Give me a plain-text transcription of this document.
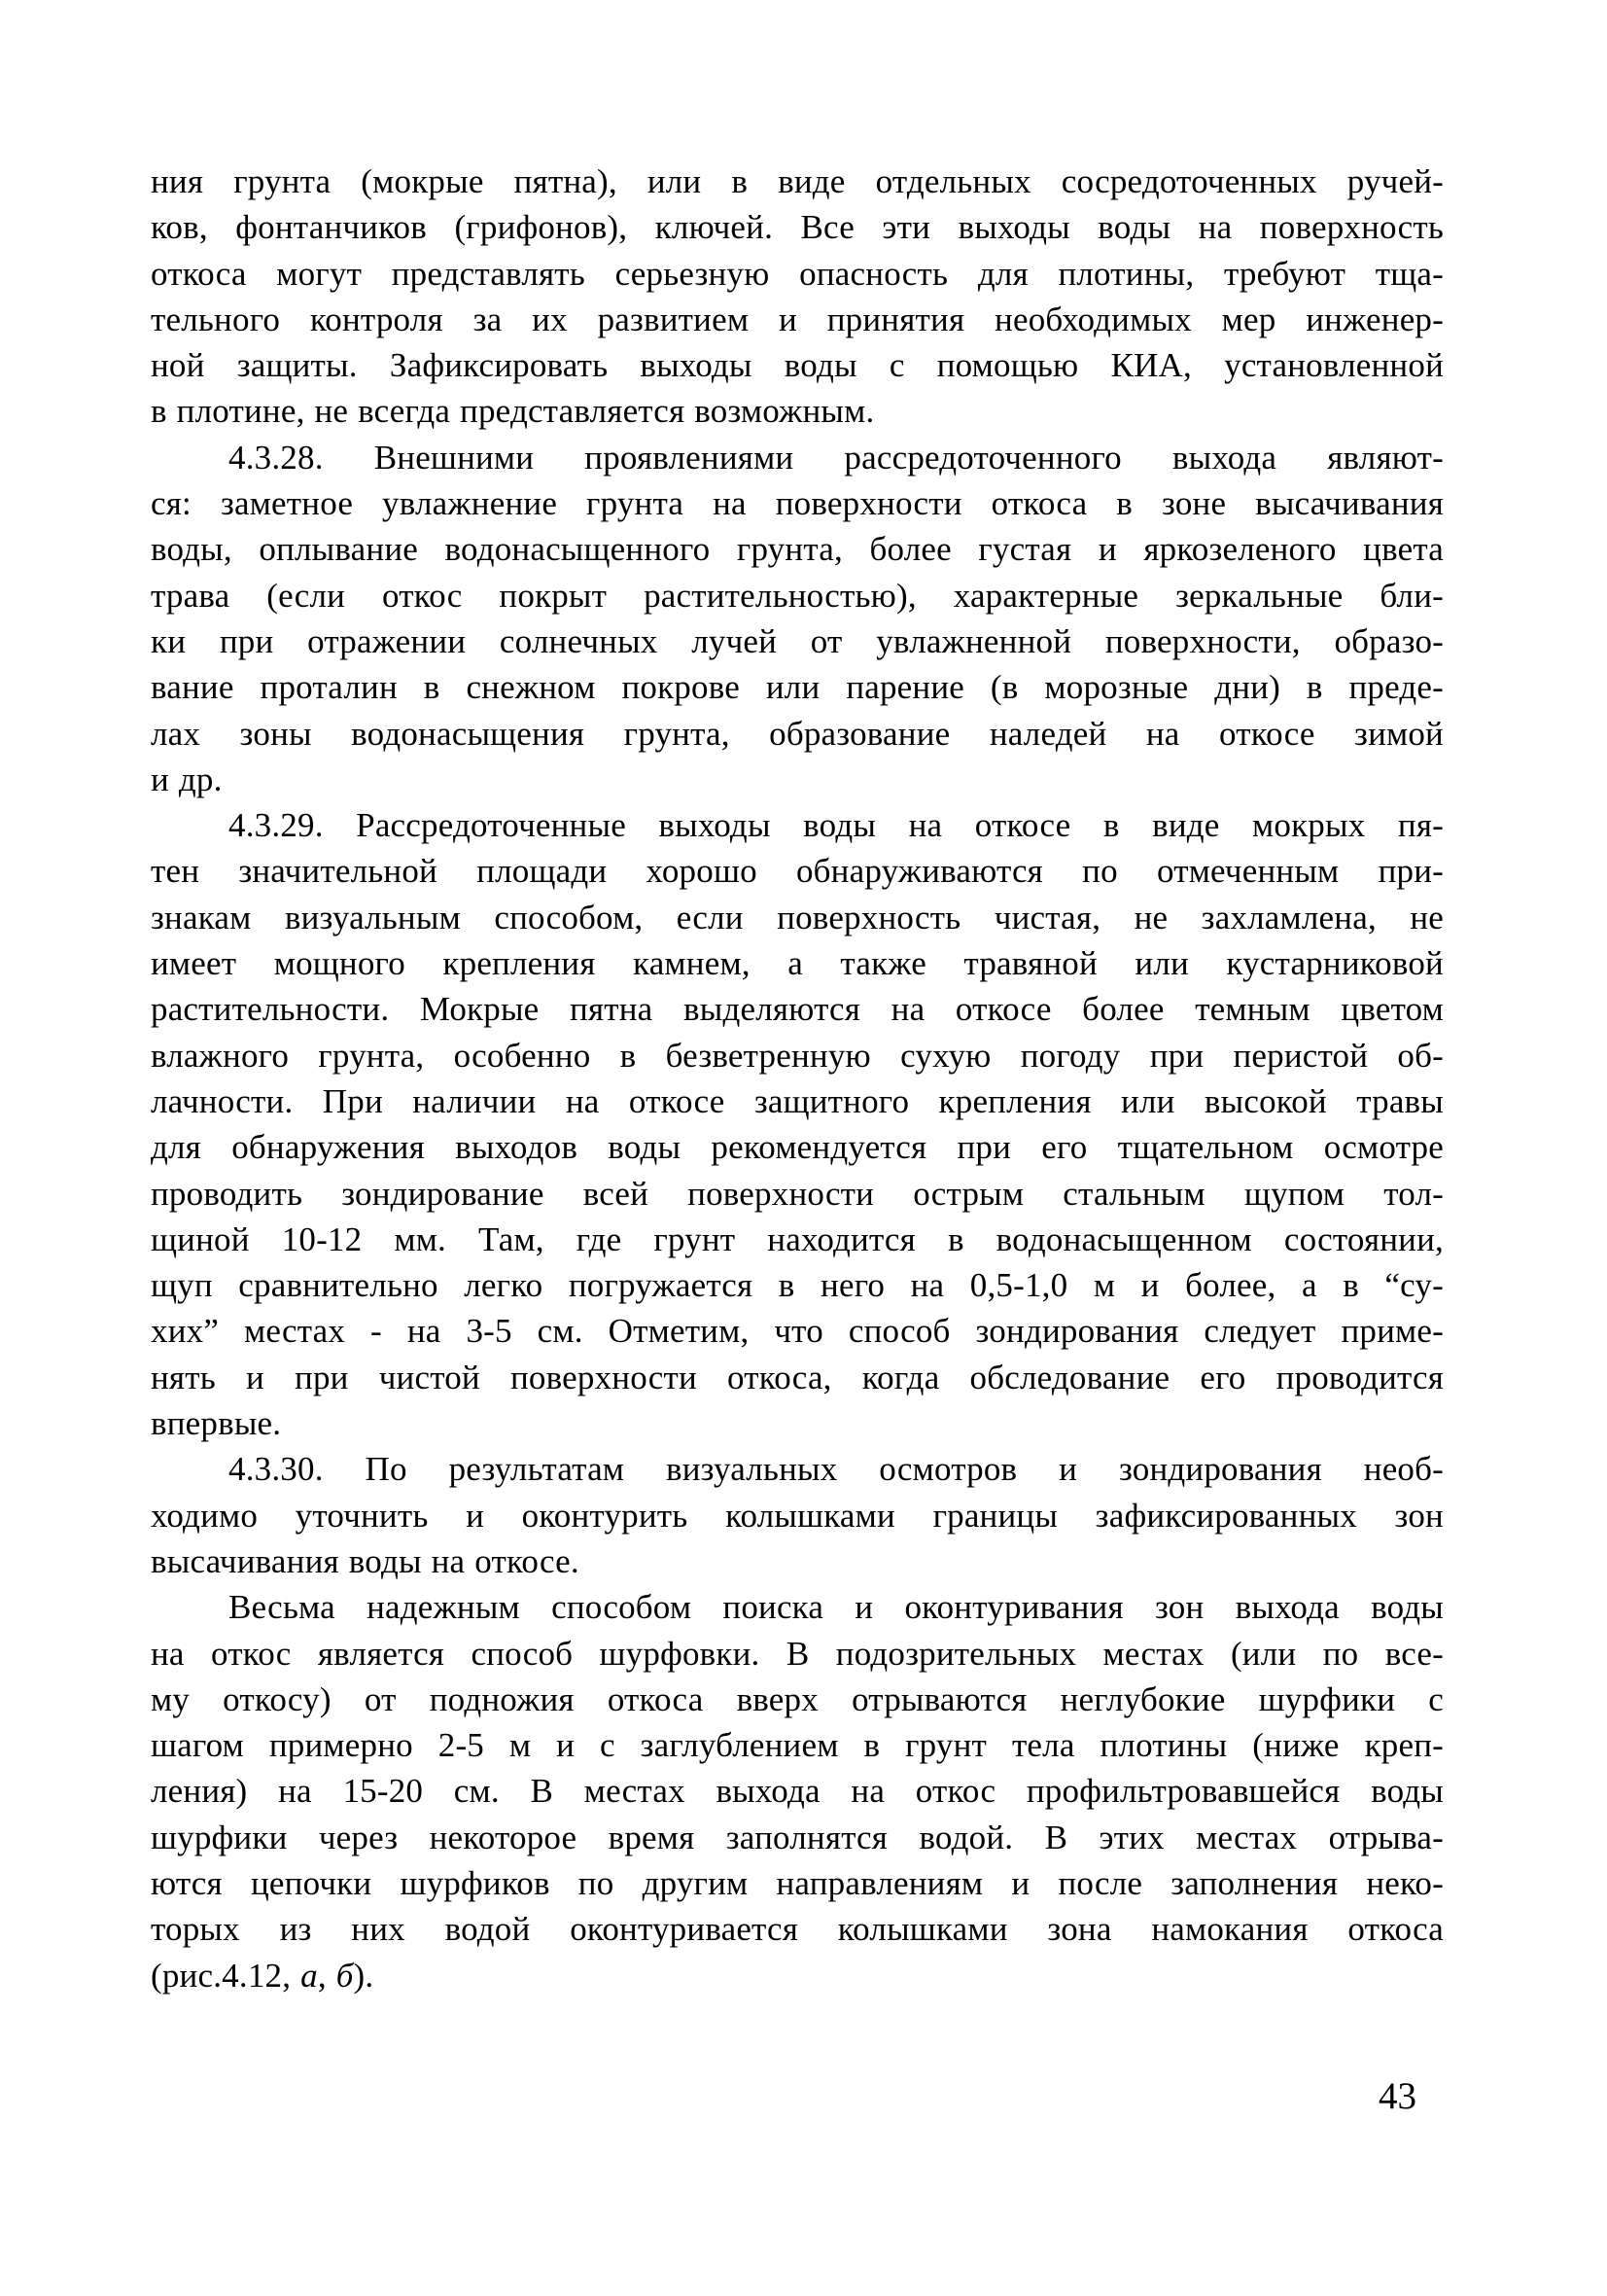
ния грунта (мокрые пятна), или в виде отдельных сосредоточенных ручей-
ков, фонтанчиков (грифонов), ключей. Все эти выходы воды на поверхность
откоса могут представлять серьезную опасность для плотины, требуют тща-
тельного контроля за их развитием и принятия необходимых мер инженер-
ной защиты. Зафиксировать выходы воды с помощью КИА, установленной
в плотине, не всегда представляется возможным.
4.3.28. Внешними проявлениями рассредоточенного выхода являют-
ся: заметное увлажнение грунта на поверхности откоса в зоне высачивания
воды, оплывание водонасыщенного грунта, более густая и яркозеленого цвета
трава (если откос покрыт растительностью), характерные зеркальные бли-
ки при отражении солнечных лучей от увлажненной поверхности, образо-
вание проталин в снежном покрове или парение (в морозные дни) в преде-
лах зоны водонасыщения грунта, образование наледей на откосе зимой
и др.
4.3.29. Рассредоточенные выходы воды на откосе в виде мокрых пя-
тен значительной площади хорошо обнаруживаются по отмеченным при-
знакам визуальным способом, если поверхность чистая, не захламлена, не
имеет мощного крепления камнем, а также травяной или кустарниковой
растительности. Мокрые пятна выделяются на откосе более темным цветом
влажного грунта, особенно в безветренную сухую погоду при перистой об-
лачности. При наличии на откосе защитного крепления или высокой травы
для обнаружения выходов воды рекомендуется при его тщательном осмотре
проводить зондирование всей поверхности острым стальным щупом тол-
щиной 10-12 мм. Там, где грунт находится в водонасыщенном состоянии,
щуп сравнительно легко погружается в него на 0,5-1,0 м и более, а в “су-
хих” местах - на 3-5 см. Отметим, что способ зондирования следует приме-
нять и при чистой поверхности откоса, когда обследование его проводится
впервые.
4.3.30. По результатам визуальных осмотров и зондирования необ-
ходимо уточнить и оконтурить колышками границы зафиксированных зон
высачивания воды на откосе.
Весьма надежным способом поиска и оконтуривания зон выхода воды
на откос является способ шурфовки. В подозрительных местах (или по все-
му откосу) от подножия откоса вверх отрываются неглубокие шурфики с
шагом примерно 2-5 м и с заглублением в грунт тела плотины (ниже креп-
ления) на 15-20 см. В местах выхода на откос профильтровавшейся воды
шурфики через некоторое время заполнятся водой. В этих местах отрыва-
ются цепочки шурфиков по другим направлениям и после заполнения неко-
торых из них водой оконтуривается колышками зона намокания откоса
(рис.4.12, а, б).
43
